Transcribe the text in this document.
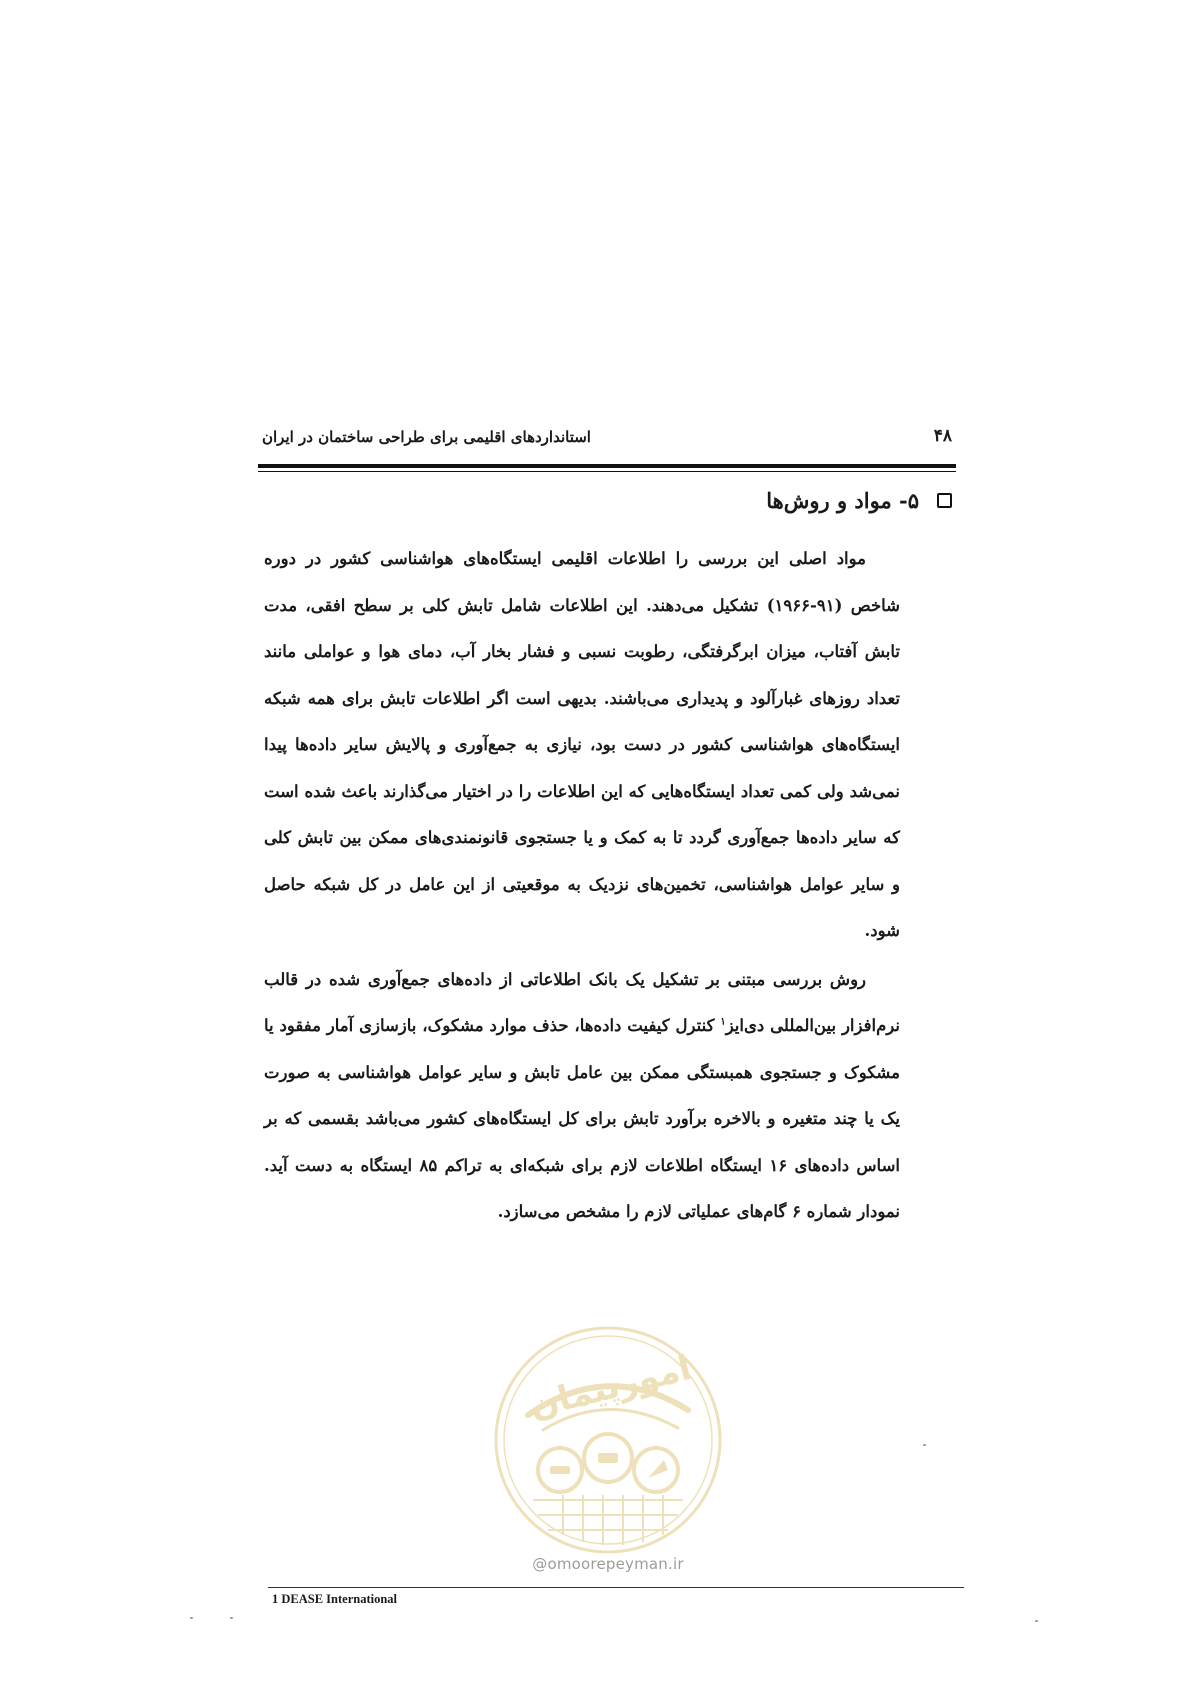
۴۸
استانداردهای اقلیمی برای طراحی ساختمان در ایران
۵- مواد و روش‌ها

مواد اصلی این بررسی را اطلاعات اقلیمی ایستگاه‌های هواشناسی کشور در دوره شاخص (۹۱-۱۹۶۶) تشکیل می‌دهند. این اطلاعات شامل تابش کلی بر سطح افقی، مدت تابش آفتاب، میزان ابرگرفتگی، رطوبت نسبی و فشار بخار آب، دمای هوا و عواملی مانند تعداد روزهای غبارآلود و پدیداری می‌باشند. بدیهی است اگر اطلاعات تابش برای همه شبکه ایستگاه‌های هواشناسی کشور در دست بود، نیازی به جمع‌آوری و پالایش سایر داده‌ها پیدا نمی‌شد ولی کمی تعداد ایستگاه‌هایی که این اطلاعات را در اختیار می‌گذارند باعث شده است که سایر داده‌ها جمع‌آوری گردد تا به کمک و یا جستجوی قانونمندی‌های ممکن بین تابش کلی و سایر عوامل هواشناسی، تخمین‌های نزدیک به موقعیتی از این عامل در کل شبکه حاصل شود.

روش بررسی مبتنی بر تشکیل یک بانک اطلاعاتی از داده‌های جمع‌آوری شده در قالب نرم‌افزار بین‌المللی دی‌ایز$^۱$ کنترل کیفیت داده‌ها، حذف موارد مشکوک، بازسازی آمار مفقود یا مشکوک و جستجوی همبستگی ممکن بین عامل تابش و سایر عوامل هواشناسی به صورت یک یا چند متغیره و بالاخره برآورد تابش برای کل ایستگاه‌های کشور می‌باشد بقسمی که بر اساس داده‌های ۱۶ ایستگاه اطلاعات لازم برای شبکه‌ای به تراکم ۸۵ ایستگاه به دست آید. نمودار شماره ۶ گام‌های عملیاتی لازم را مشخص می‌سازد.

امورپیمان
@omoorepeyman.ir
1 DEASE International
